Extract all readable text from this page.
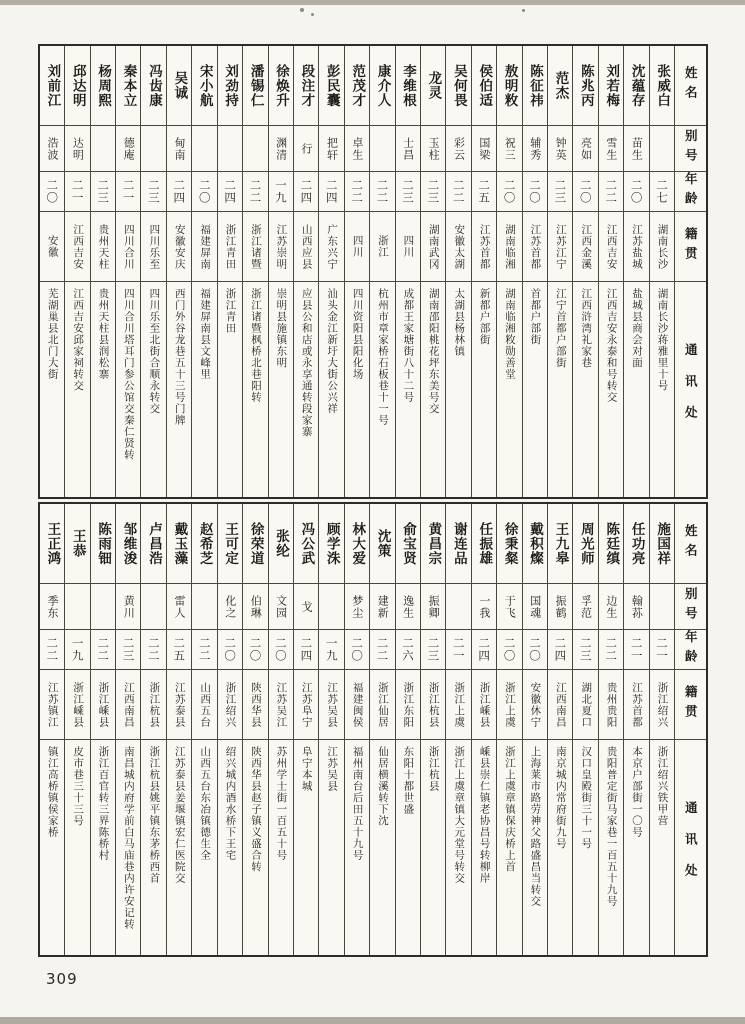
姓名
别号
年龄
籍贯
通讯处
张威白
二七
湖南长沙
湖南长沙蒋雅里十号
沈蕴存
苗生
二〇
江苏盐城
盐城县商会对面
刘若梅
雪生
二二
江西吉安
江西吉安永泰和号转交
陈兆丙
亮如
二〇
江西金溪
江西浒湾礼家巷
范杰
钟英
二三
江苏江宁
江宁首都户部街
陈征祎
辅秀
二〇
江苏首都
首都户部街
敖明敉
祝三
二〇
湖南临湘
湖南临湘敉勋善堂
侯伯适
国梁
二五
江苏首都
新都户部街
吴何畏
彩云
二二
安徽太湖
太湖县杨林镇
龙灵
玉柱
二三
湖南武冈
湖南邵阳桃花坪东美号交
李维根
士昌
二三
四川
成都王家塘街八十二号
康介人
二二
浙江
杭州市章家桥石板巷十一号
范茂才
卓生
二二
四川
四川资阳县阳化场
彭民囊
把轩
二四
广东兴宁
汕头金江新圩大街公兴祥
段注才
行
二四
山西应县
应县公和店或永享通转段家寨
徐焕升
渊清
一九
江苏崇明
崇明县施镇东明
潘锡仁
二二
浙江诸暨
浙江诸暨枫桥北巷阳转
刘劲持
二四
浙江青田
浙江青田
宋小航
二〇
福建屏南
福建屏南县文峰里
吴诚
甸南
二四
安徽安庆
西门外谷龙巷五十三号门牌
冯齿康
二三
四川乐至
四川乐至北街合顺永转交
秦本立
德庵
二一
四川合川
四川合川塔耳门参公馆交秦仁贤转
杨周熙
二三
贵州天柱
贵州天柱县润松寨
邱达明
达明
二一
江西吉安
江西吉安邱家祠转交
刘前江
浩波
二〇
安徽
芜湖巢县北门大街
姓名
别号
年龄
籍贯
通讯处
施国祥
二一
浙江绍兴
浙江绍兴铁甲营
任功亮
翰荪
二一
江苏首都
本京户部街一〇号
陈廷缜
边生
二二
贵州贵阳
贵阳普定街马家巷一百五十九号
周光师
孚范
二三
湖北夏口
汉口皇殿街三十一号
王九皋
振鹤
二四
江西南昌
南京城内常府街九号
戴积燦
国魂
二〇
安徽休宁
上海莱市路劳神父路盛昌当转交
徐秉粲
于飞
二〇
浙江上虞
浙江上虞章镇保庆桥上首
任振雄
一我
二四
浙江嵊县
嵊县崇仁镇老协昌号转柳岸
谢连品
二一
浙江上虞
浙江上虞章镇大元堂号转交
黄昌宗
振卿
二三
浙江杭县
浙江杭县
俞宝贤
逸生
二六
浙江东阳
东阳十都世盛
沈策
建新
二二
浙江仙居
仙居横溪转下沈
林大爱
梦尘
二〇
福建闽侯
福州南台后田五十九号
顾学洙
一九
江苏吴县
江苏吴县
冯公武
戈
二四
江苏阜宁
阜宁本城
张纶
文园
二〇
江苏吴江
苏州学士街一百五十号
徐荣道
伯琳
二〇
陕西华县
陕西华县赵子镇义盛合转
王可定
化之
二〇
浙江绍兴
绍兴城内酒水桥下王宅
赵希芝
二二
山西五台
山西五台东冶镇德生全
戴玉藻
雷人
二五
江苏泰县
江苏泰县姜堰镇宏仁医院交
卢昌浩
二二
浙江杭县
浙江杭县姚平镇东茅桥西首
邹维浚
黄川
二三
江西南昌
南昌城内府学前白马庙巷内许安记转
陈雨钿
二二
浙江嵊县
浙江百官转三界陈桥村
王恭
一九
浙江嵊县
皮市巷三十三号
王正鸿
季东
二二
江苏镇江
镇江高桥镇侯家桥
309
